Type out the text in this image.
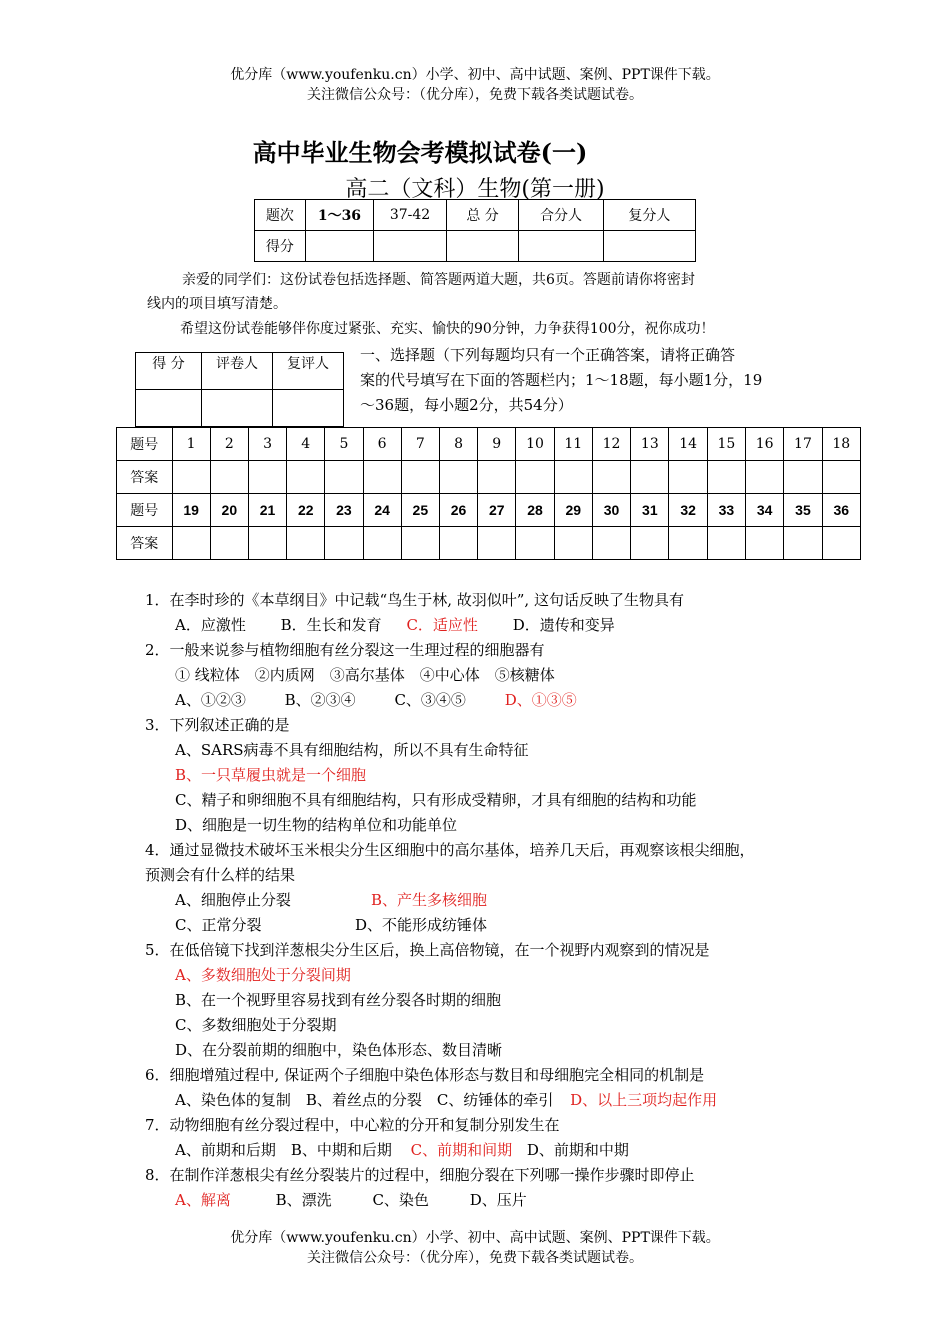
优分库（www.youfenku.cn）小学、初中、高中试题、案例、PPT课件下载。
关注微信公众号：（优分库），免费下载各类试题试卷。
高中毕业生物会考模拟试卷(一)
高二（文科）生物(第一册)
题次	1～36	37-42	总 分	合分人	复分人
得分					
亲爱的同学们：这份试卷包括选择题、简答题两道大题，共6页。答题前请你将密封
线内的项目填写清楚。
希望这份试卷能够伴你度过紧张、充实、愉快的90分钟，力争获得100分，祝你成功！
得 分	评卷人	复评人
		一、选择题（下列每题均只有一个正确答案，请将正确答
案的代号填写在下面的答题栏内；1～18题，每小题1分，19
～36题，每小题2分，共54分）
题号	1	2	3	4	5	6	7	8	9	10	11	12	13	14	15	16	17	18
答案																		
题号	19	20	21	22	23	24	25	26	27	28	29	30	31	32	33	34	35	36
答案																		
1．在李时珍的《本草纲目》中记载“鸟生于林, 故羽似叶”, 这句话反映了生物具有
A．应激性 B．生长和发育 C．适应性 D．遗传和变异
2．一般来说参与植物细胞有丝分裂这一生理过程的细胞器有
① 线粒体　②内质网　③高尔基体　④中心体　⑤核糖体
A、①②③	B、②③④	C、③④⑤	D、①③⑤
3．下列叙述正确的是
A、SARS病毒不具有细胞结构，所以不具有生命特征
B、一只草履虫就是一个细胞
C、精子和卵细胞不具有细胞结构，只有形成受精卵，才具有细胞的结构和功能
D、细胞是一切生物的结构单位和功能单位
4．通过显微技术破坏玉米根尖分生区细胞中的高尔基体，培养几天后，再观察该根尖细胞，
预测会有什么样的结果
A、细胞停止分裂	B、产生多核细胞
C、正常分裂	D、不能形成纺锤体
5．在低倍镜下找到洋葱根尖分生区后，换上高倍物镜，在一个视野内观察到的情况是
A、多数细胞处于分裂间期
B、在一个视野里容易找到有丝分裂各时期的细胞
C、多数细胞处于分裂期
D、在分裂前期的细胞中，染色体形态、数目清晰
6．细胞增殖过程中, 保证两个子细胞中染色体形态与数目和母细胞完全相同的机制是
A、染色体的复制　B、着丝点的分裂　C、纺锤体的牵引 D、以上三项均起作用
7．动物细胞有丝分裂过程中，中心粒的分开和复制分别发生在
A、前期和后期　B、中期和后期 C、前期和间期 D、前期和中期
8．在制作洋葱根尖有丝分裂装片的过程中，细胞分裂在下列哪一操作步骤时即停止
A、解离	B、漂洗	C、染色	D、压片
优分库（www.youfenku.cn）小学、初中、高中试题、案例、PPT课件下载。
关注微信公众号：（优分库），免费下载各类试题试卷。
